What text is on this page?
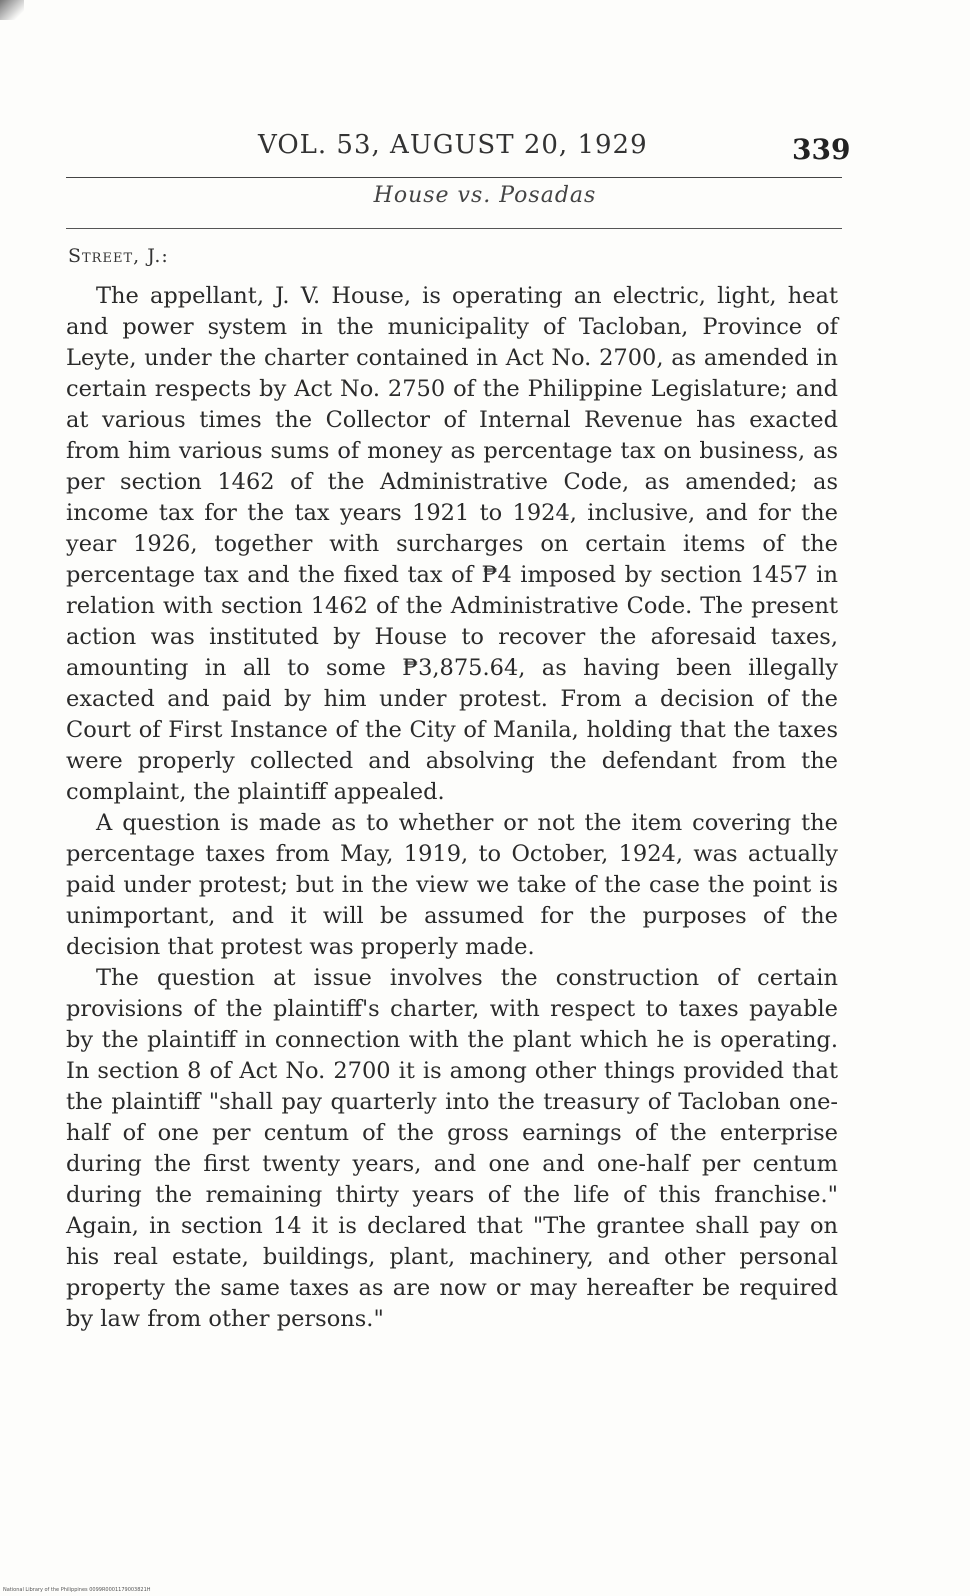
VOL. 53, AUGUST 20, 1929	339
House vs. Posadas
Street, J.:

The appellant, J. V. House, is operating an electric, light, heat and power system in the municipality of Tacloban, Province of Leyte, under the charter contained in Act No. 2700, as amended in certain respects by Act No. 2750 of the Philippine Legislature; and at various times the Collector of Internal Revenue has exacted from him various sums of money as percentage tax on business, as per section 1462 of the Administrative Code, as amended; as income tax for the tax years 1921 to 1924, inclusive, and for the year 1926, together with surcharges on certain items of the percentage tax and the fixed tax of ₱4 imposed by section 1457 in relation with section 1462 of the Administrative Code. The present action was instituted by House to recover the aforesaid taxes, amounting in all to some ₱3,875.64, as having been illegally exacted and paid by him under protest. From a decision of the Court of First Instance of the City of Manila, holding that the taxes were properly collected and absolving the defendant from the complaint, the plaintiff appealed.

A question is made as to whether or not the item covering the percentage taxes from May, 1919, to October, 1924, was actually paid under protest; but in the view we take of the case the point is unimportant, and it will be assumed for the purposes of the decision that protest was properly made.

The question at issue involves the construction of certain provisions of the plaintiff's charter, with respect to taxes payable by the plaintiff in connection with the plant which he is operating. In section 8 of Act No. 2700 it is among other things provided that the plaintiff "shall pay quarterly into the treasury of Tacloban one-half of one per centum of the gross earnings of the enterprise during the first twenty years, and one and one-half per centum during the remaining thirty years of the life of this franchise." Again, in section 14 it is declared that "The grantee shall pay on his real estate, buildings, plant, machinery, and other personal property the same taxes as are now or may hereafter be required by law from other persons."

National Library of the Philippines 0099R0001179003821H
